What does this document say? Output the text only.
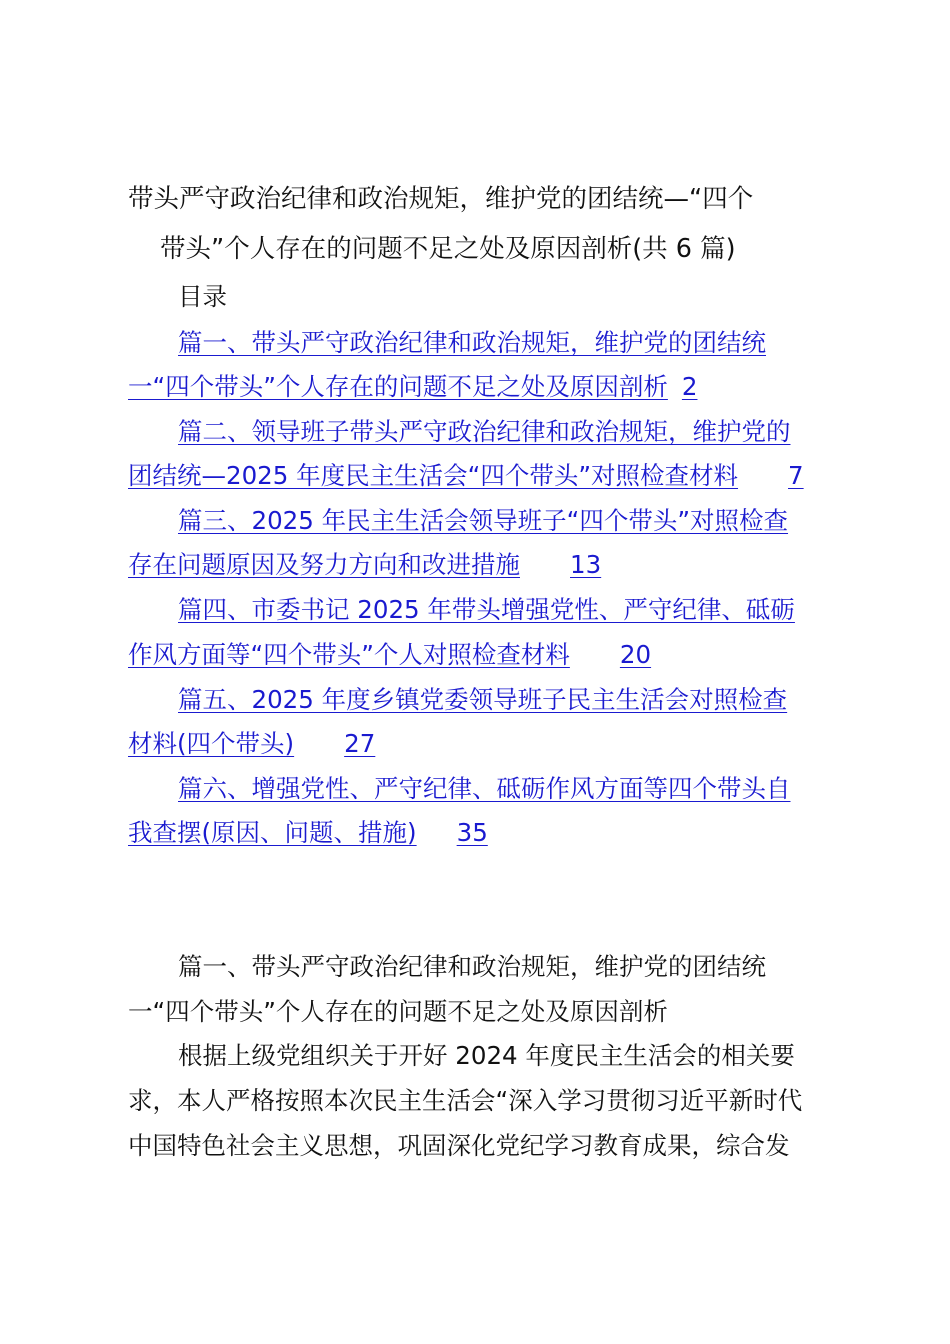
带头严守政治纪律和政治规矩，维护党的团结统—“四个
带头”个人存在的问题不足之处及原因剖析(共 6 篇)
目录
篇一、带头严守政治纪律和政治规矩，维护党的团结统
一“四个带头”个人存在的问题不足之处及原因剖析 2
篇二、领导班子带头严守政治纪律和政治规矩，维护党的
团结统—2025 年度民主生活会“四个带头”对照检查材料 7
篇三、2025 年民主生活会领导班子“四个带头”对照检查
存在问题原因及努力方向和改进措施 13
篇四、市委书记 2025 年带头增强党性、严守纪律、砥砺
作风方面等“四个带头”个人对照检查材料 20
篇五、2025 年度乡镇党委领导班子民主生活会对照检查
材料(四个带头) 27
篇六、增强党性、严守纪律、砥砺作风方面等四个带头自
我查摆(原因、问题、措施) 35
篇一、带头严守政治纪律和政治规矩，维护党的团结统
一“四个带头”个人存在的问题不足之处及原因剖析
根据上级党组织关于开好 2024 年度民主生活会的相关要
求，本人严格按照本次民主生活会“深入学习贯彻习近平新时代
中国特色社会主义思想，巩固深化党纪学习教育成果，综合发
